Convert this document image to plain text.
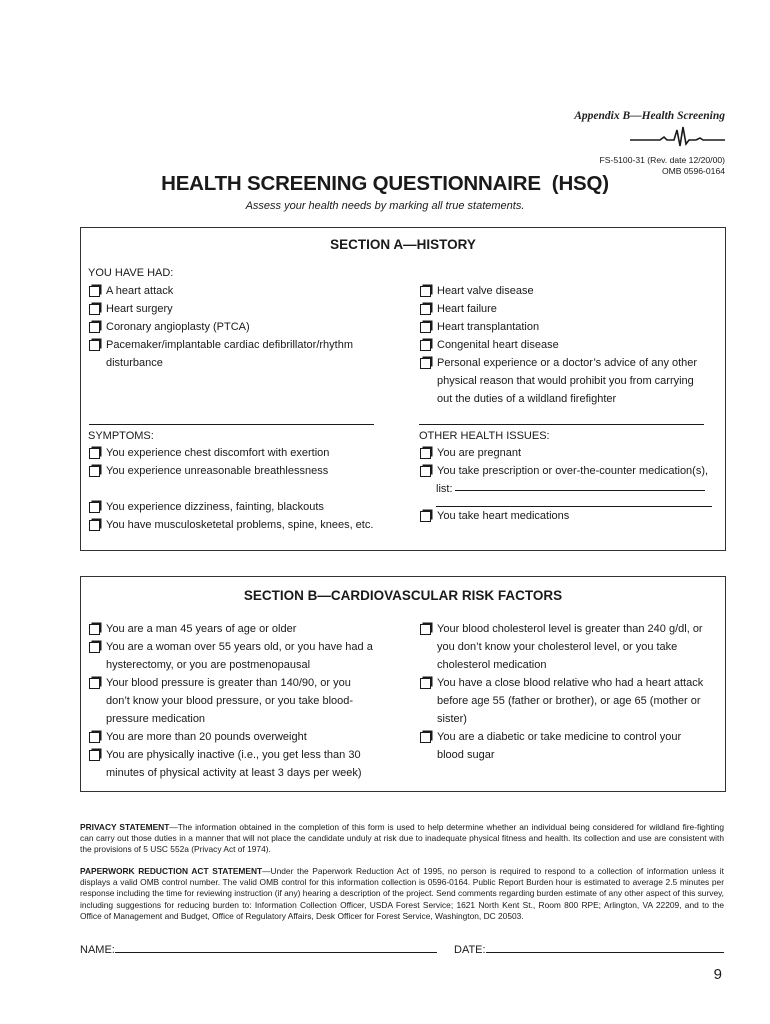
Appendix B—Health Screening
FS-5100-31 (Rev. date 12/20/00)
OMB 0596-0164
HEALTH SCREENING QUESTIONNAIRE  (HSQ)
Assess your health needs by marking all true statements.
SECTION A—HISTORY
YOU HAVE HAD:
A heart attack
Heart surgery
Coronary angioplasty (PTCA)
Pacemaker/implantable cardiac defibrillator/rhythm
disturbance
Heart valve disease
Heart failure
Heart transplantation
Congenital heart disease
Personal experience or a doctor’s advice of any other
physical reason that would prohibit you from carrying
out the duties of a wildland firefighter
SYMPTOMS:
You experience chest discomfort with exertion
You experience unreasonable breathlessness
You experience dizziness, fainting, blackouts
You have musculosketetal problems, spine, knees, etc.
OTHER HEALTH ISSUES:
You are pregnant
You take prescription or over-the-counter medication(s),
list:
You take heart medications
SECTION B—CARDIOVASCULAR RISK FACTORS
You are a man 45 years of age or older
You are a woman over 55 years old, or you have had a
hysterectomy, or you are postmenopausal
Your blood pressure is greater than 140/90, or you
don’t know your blood pressure, or you take blood-
pressure medication
You are more than 20 pounds overweight
You are physically inactive (i.e., you get less than 30
minutes of physical activity at least 3 days per week)
Your blood cholesterol level is greater than 240 g/dl, or
you don’t know your cholesterol level, or you take
cholesterol medication
You have a close blood relative who had a heart attack
before age 55 (father or brother), or age 65 (mother or
sister)
You are a diabetic or take medicine to control your
blood sugar
PRIVACY STATEMENT—The information obtained in the completion of this form is used to help determine whether an individual being considered for wildland fire-fighting can carry out those duties in a manner that will not place the candidate unduly at risk due to inadequate physical fitness and health. Its collection and use are consistent with the provisions of 5 USC 552a (Privacy Act of 1974).
PAPERWORK REDUCTION ACT STATEMENT—Under the Paperwork Reduction Act of 1995, no person is required to respond to a collection of information unless it displays a valid OMB control number. The valid OMB control for this information collection is 0596-0164. Public Report Burden hour is estimated to average 2.5 minutes per response including the time for reviewing instruction (if any) hearing a description of the project. Send comments regarding burden estimate of any other aspect of this survey, including suggestions for reducing burden to: Information Collection Officer, USDA Forest Service; 1621 North Kent St., Room 800 RPE; Arlington, VA 22209, and to the Office of Management and Budget, Office of Regulatory Affairs, Desk Officer for Forest Service, Washington, DC 20503.
NAME:	DATE:
9
